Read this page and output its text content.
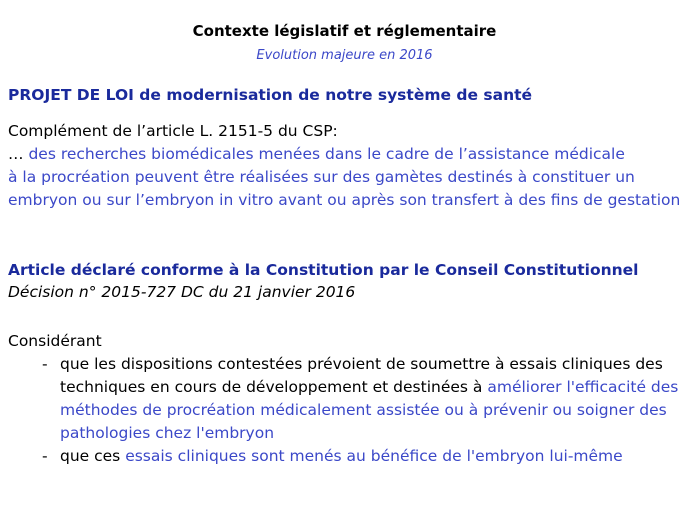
Contexte législatif et réglementaire
Evolution majeure en 2016
PROJET DE LOI de modernisation de notre système de santé
Complément de l’article L. 2151-5 du CSP:
… des recherches biomédicales menées dans le cadre de l’assistance médicale
à la procréation peuvent être réalisées sur des gamètes destinés à constituer un
embryon ou sur l’embryon in vitro avant ou après son transfert à des fins de gestation
Article déclaré conforme à la Constitution par le Conseil Constitutionnel
Décision n° 2015-727 DC du 21 janvier 2016
Considérant
- que les dispositions contestées prévoient de soumettre à essais cliniques des
techniques en cours de développement et destinées à améliorer l'efficacité des
méthodes de procréation médicalement assistée ou à prévenir ou soigner des
pathologies chez l'embryon
- que ces essais cliniques sont menés au bénéfice de l'embryon lui-même
